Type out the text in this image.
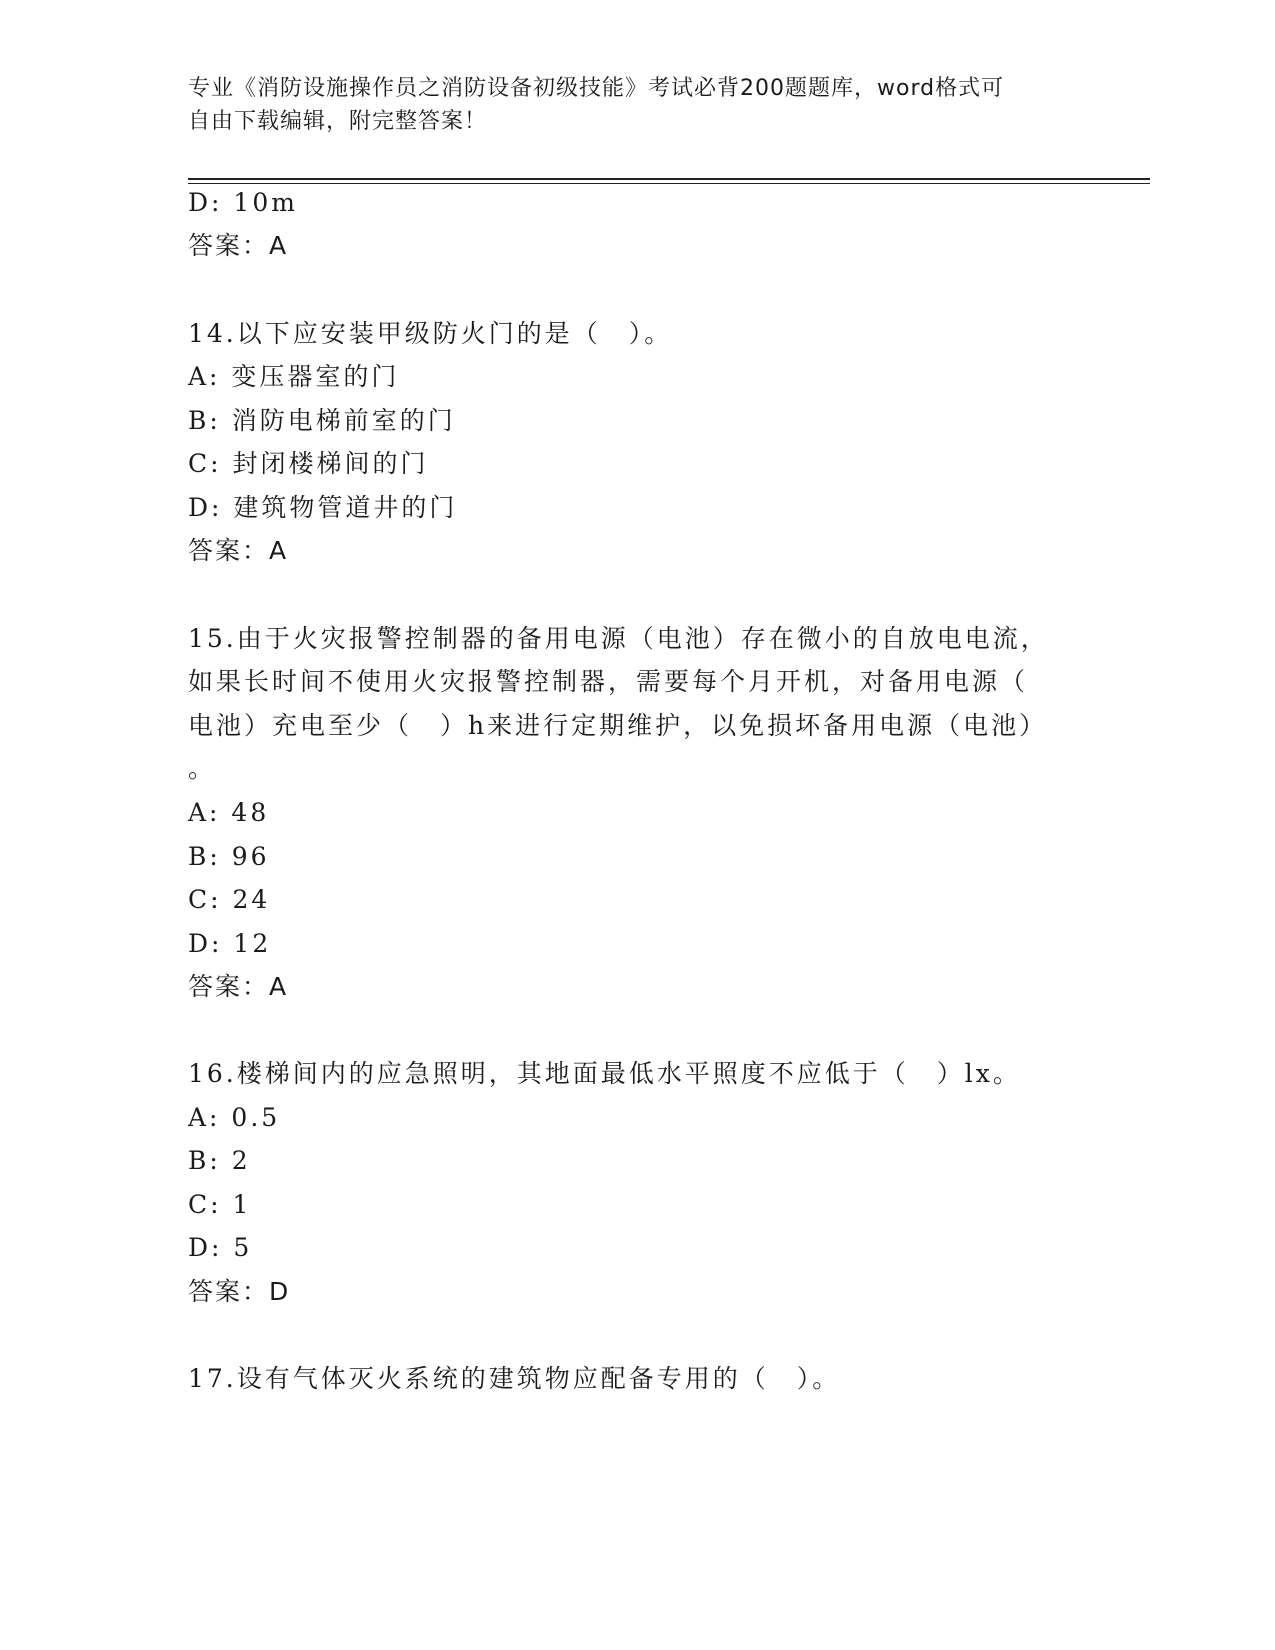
专业《消防设施操作员之消防设备初级技能》考试必背200题题库，word格式可
自由下载编辑，附完整答案！
D: 10m
答案：A
14.以下应安装甲级防火门的是（　）。
A: 变压器室的门
B: 消防电梯前室的门
C: 封闭楼梯间的门
D: 建筑物管道井的门
答案：A
15.由于火灾报警控制器的备用电源（电池）存在微小的自放电电流，
如果长时间不使用火灾报警控制器，需要每个月开机，对备用电源（
电池）充电至少（　）h来进行定期维护，以免损坏备用电源（电池）
。
A: 48
B: 96
C: 24
D: 12
答案：A
16.楼梯间内的应急照明，其地面最低水平照度不应低于（　）lx。
A: 0.5
B: 2
C: 1
D: 5
答案：D
17.设有气体灭火系统的建筑物应配备专用的（　）。
